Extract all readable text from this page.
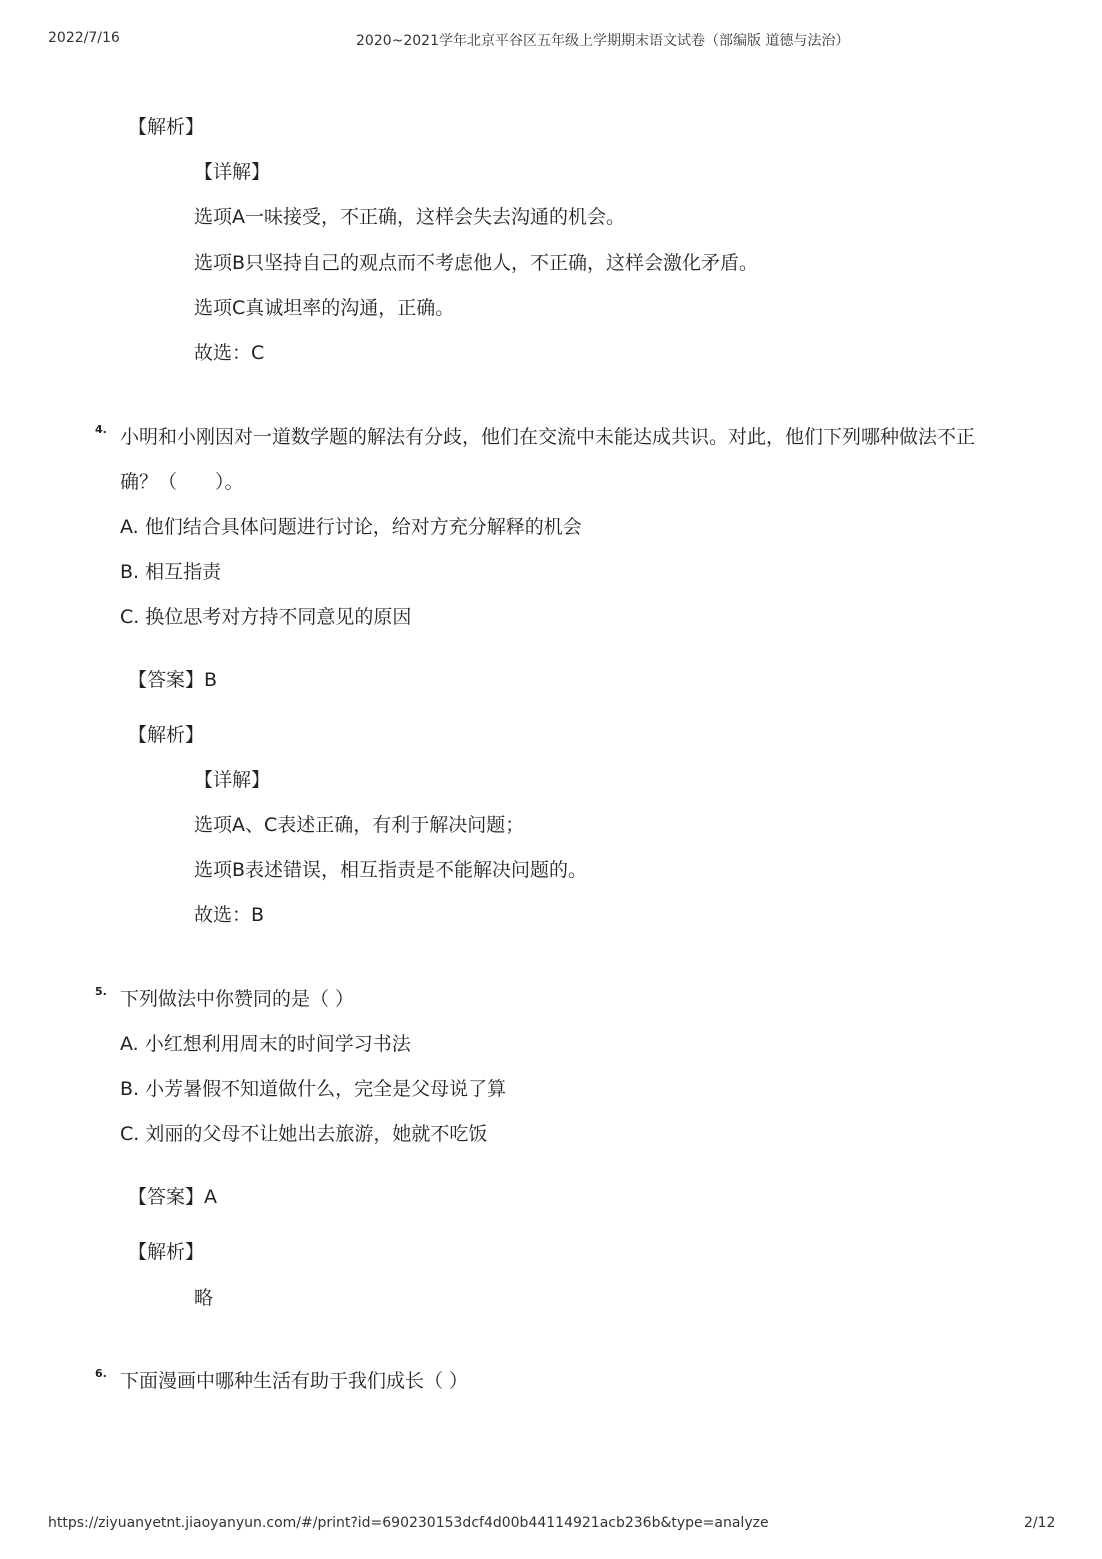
2022/7/16	2020~2021学年北京平谷区五年级上学期期末语文试卷（部编版 道德与法治）
【解析】
【详解】
选项A一味接受，不正确，这样会失去沟通的机会。
选项B只坚持自己的观点而不考虑他人，不正确，这样会激化矛盾。
选项C真诚坦率的沟通，正确。
故选：C
4. 小明和小刚因对一道数学题的解法有分歧，他们在交流中未能达成共识。对此，他们下列哪种做法不正
确？（　　）。
A. 他们结合具体问题进行讨论，给对方充分解释的机会
B. 相互指责
C. 换位思考对方持不同意见的原因
【答案】B
【解析】
【详解】
选项A、C表述正确，有利于解决问题；
选项B表述错误，相互指责是不能解决问题的。
故选：B
5. 下列做法中你赞同的是（ ）
A. 小红想利用周末的时间学习书法
B. 小芳暑假不知道做什么，完全是父母说了算
C. 刘丽的父母不让她出去旅游，她就不吃饭
【答案】A
【解析】
略
6. 下面漫画中哪种生活有助于我们成长（ ）
https://ziyuanyetnt.jiaoyanyun.com/#/print?id=690230153dcf4d00b44114921acb236b&type=analyze	2/12
